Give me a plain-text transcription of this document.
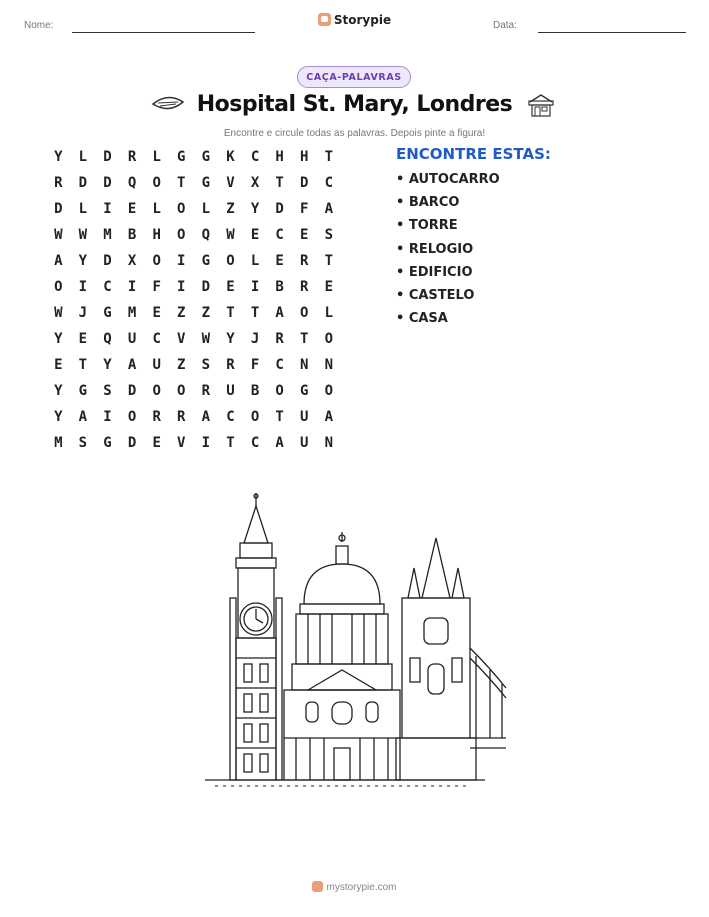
Nome:	Storypie	Data:
CAÇA-PALAVRAS
Hospital St. Mary, Londres
Encontre e circule todas as palavras. Depois pinte a figura!
Y	L	D	R	L	G	G	K	C	H	H	T
R	D	D	Q	O	T	G	V	X	T	D	C
D	L	I	E	L	O	L	Z	Y	D	F	A
W	W	M	B	H	O	Q	W	E	C	E	S
A	Y	D	X	O	I	G	O	L	E	R	T
O	I	C	I	F	I	D	E	I	B	R	E
W	J	G	M	E	Z	Z	T	T	A	O	L
Y	E	Q	U	C	V	W	Y	J	R	T	O
E	T	Y	A	U	Z	S	R	F	C	N	N
Y	G	S	D	O	O	R	U	B	O	G	O
Y	A	I	O	R	R	A	C	O	T	U	A
M	S	G	D	E	V	I	T	C	A	U	N
ENCONTRE ESTAS:
• AUTOCARRO
• BARCO
• TORRE
• RELOGIO
• EDIFICIO
• CASTELO
• CASA
mystorypie.com
